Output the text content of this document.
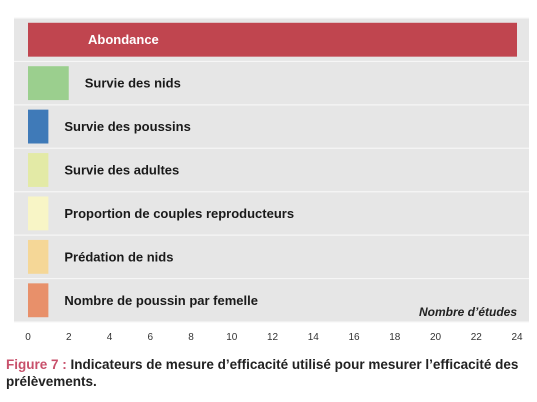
Abondance
Survie des nids
Survie des poussins
Survie des adultes
Proportion de couples reproducteurs
Prédation de nids
Nombre de poussin par femelle
0	2	4	6	8	10	12	14	16	18	20	22	24
Nombre d’études
Figure 7 : Indicateurs de mesure d’efficacité utilisé pour mesurer l’efficacité des prélèvements.
